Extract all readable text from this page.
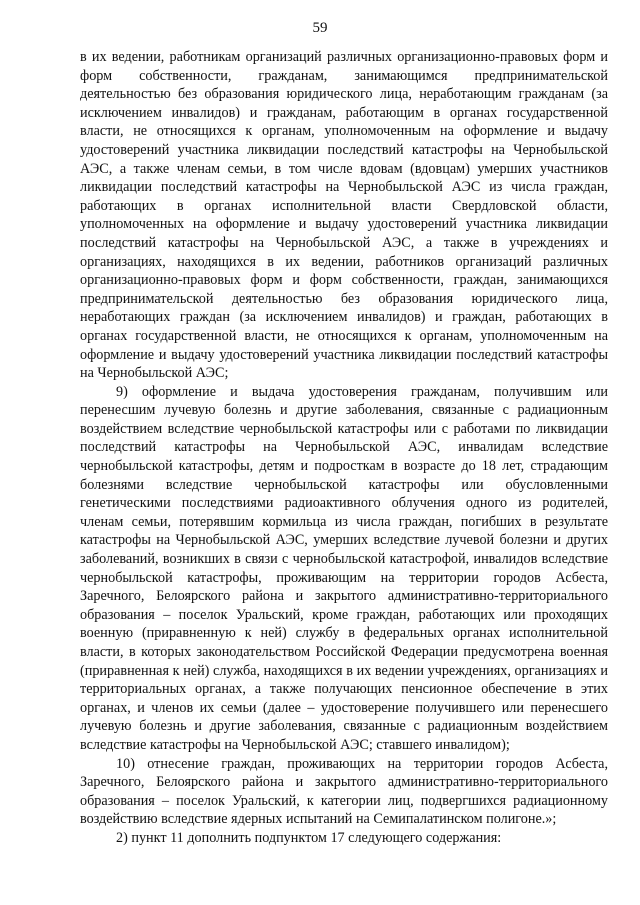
59

в их ведении, работникам организаций различных организационно-правовых форм и форм собственности, гражданам, занимающимся предпринимательской деятельностью без образования юридического лица, неработающим гражданам (за исключением инвалидов) и гражданам, работающим в органах государственной власти, не относящихся к органам, уполномоченным на оформление и выдачу удостоверений участника ликвидации последствий катастрофы на Чернобыльской АЭС, а также членам семьи, в том числе вдовам (вдовцам) умерших участников ликвидации последствий катастрофы на Чернобыльской АЭС из числа граждан, работающих в органах исполнительной власти Свердловской области, уполномоченных на оформление и выдачу удостоверений участника ликвидации последствий катастрофы на Чернобыльской АЭС, а также в учреждениях и организациях, находящихся в их ведении, работников организаций различных организационно-правовых форм и форм собственности, граждан, занимающихся предпринимательской деятельностью без образования юридического лица, неработающих граждан (за исключением инвалидов) и граждан, работающих в органах государственной власти, не относящихся к органам, уполномоченным на оформление и выдачу удостоверений участника ликвидации последствий катастрофы на Чернобыльской АЭС;

9) оформление и выдача удостоверения гражданам, получившим или перенесшим лучевую болезнь и другие заболевания, связанные с радиационным воздействием вследствие чернобыльской катастрофы или с работами по ликвидации последствий катастрофы на Чернобыльской АЭС, инвалидам вследствие чернобыльской катастрофы, детям и подросткам в возрасте до 18 лет, страдающим болезнями вследствие чернобыльской катастрофы или обусловленными генетическими последствиями радиоактивного облучения одного из родителей, членам семьи, потерявшим кормильца из числа граждан, погибших в результате катастрофы на Чернобыльской АЭС, умерших вследствие лучевой болезни и других заболеваний, возникших в связи с чернобыльской катастрофой, инвалидов вследствие чернобыльской катастрофы, проживающим на территории городов Асбеста, Заречного, Белоярского района и закрытого административно-территориального образования – поселок Уральский, кроме граждан, работающих или проходящих военную (приравненную к ней) службу в федеральных органах исполнительной власти, в которых законодательством Российской Федерации предусмотрена военная (приравненная к ней) служба, находящихся в их ведении учреждениях, организациях и территориальных органах, а также получающих пенсионное обеспечение в этих органах, и членов их семьи (далее – удостоверение получившего или перенесшего лучевую болезнь и другие заболевания, связанные с радиационным воздействием вследствие катастрофы на Чернобыльской АЭС; ставшего инвалидом);

10) отнесение граждан, проживающих на территории городов Асбеста, Заречного, Белоярского района и закрытого административно-территориального образования – поселок Уральский, к категории лиц, подвергшихся радиационному воздействию вследствие ядерных испытаний на Семипалатинском полигоне.»;

2) пункт 11 дополнить подпунктом 17 следующего содержания:
